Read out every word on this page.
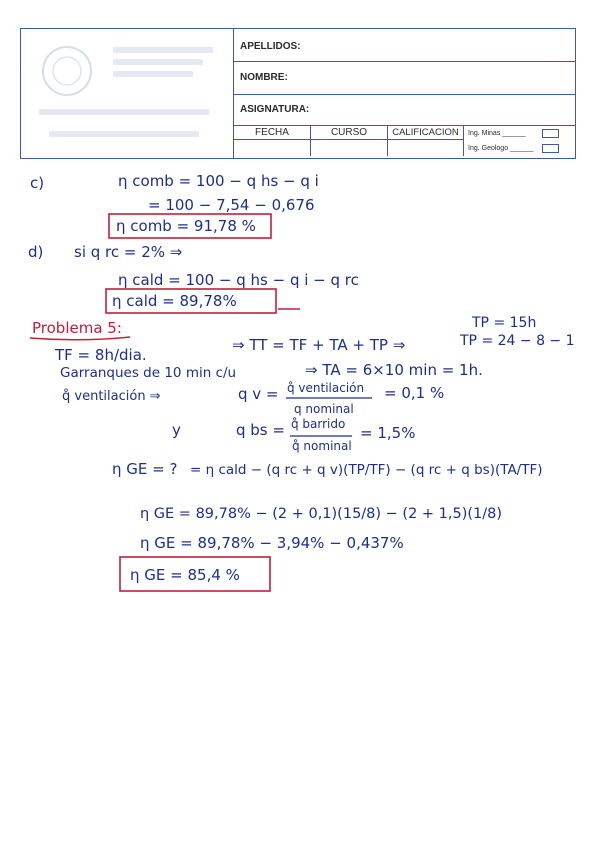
APELLIDOS:
NOMBRE:
ASIGNATURA:
FECHA	CURSO	CALIFICACION	Ing. Minas ______
Ing. Geologo ______
c)	η comb = 100 − q hs − q i
= 100 − 7,54 − 0,676
η comb = 91,78 %
d) si q rc = 2% ⇒
η cald = 100 − q hs − q i − q rc
η cald = 89,78%
TP = 15h
TP = 24 − 8 − 1
TF = 8h/dia.
⇒ TT = TF + TA + TP ⇒
Garranques de 10 min c/u	⇒ TA = 6×10 min = 1h.
q̊ ventilación ⇒	q v = q̊ ventilación
q nominal
= 0,1 %
y	q bs = q̊ barrido
q̊ nominal
= 1,5%
η GE = ? = η cald − (q rc + q v)(TP/TF) − (q rc + q bs)(TA/TF)
η GE = 89,78% − (2 + 0,1)(15/8) − (2 + 1,5)(1/8)
η GE = 89,78% − 3,94% − 0,437%
η GE = 85,4 %
Problema 5:
